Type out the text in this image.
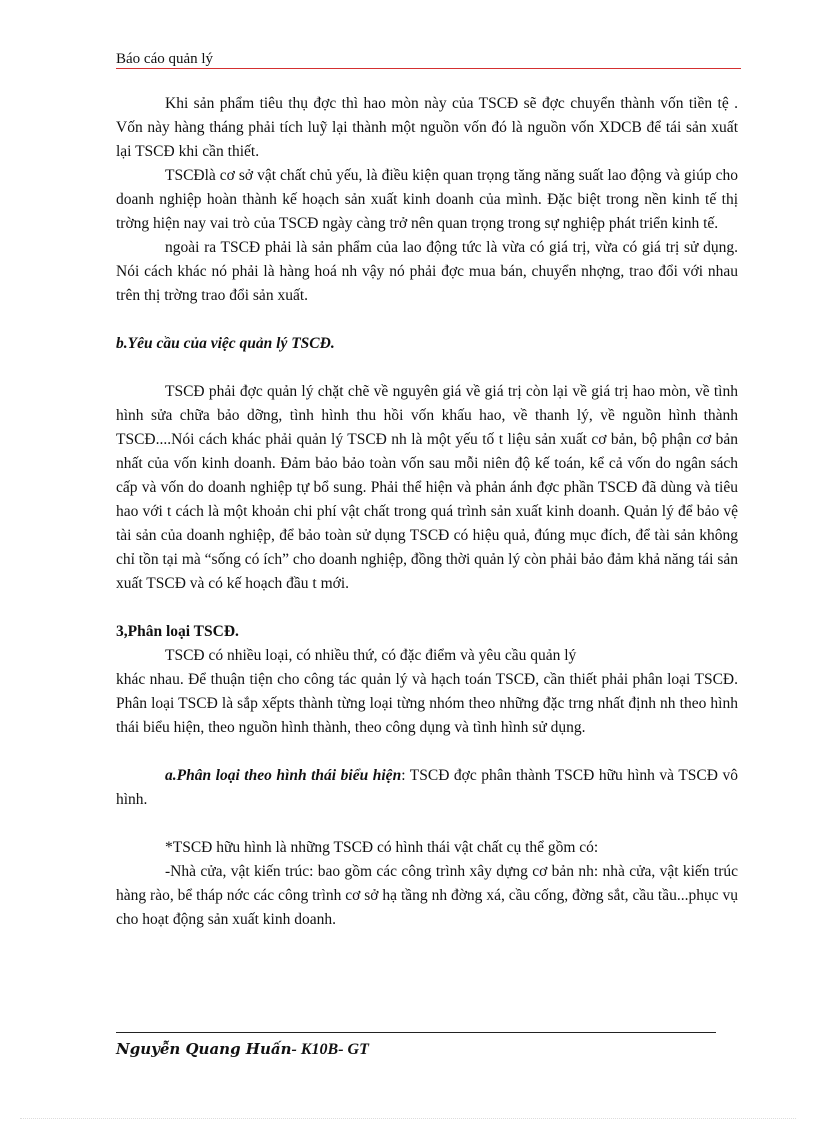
Báo cáo quản lý

Khi sản phẩm tiêu thụ đợc thì hao mòn này của TSCĐ sẽ đợc chuyển thành vốn tiền tệ . Vốn này hàng tháng phải tích luỹ lại thành một nguồn vốn đó là nguồn vốn XDCB để tái sản xuất lại TSCĐ khi cần thiết.

TSCĐlà cơ sở vật chất chủ yếu, là điều kiện quan trọng tăng năng suất lao động và giúp cho doanh nghiệp hoàn thành kế hoạch sản xuất kinh doanh của mình. Đặc biệt trong nền kinh tế thị trờng hiện nay vai trò của TSCĐ ngày càng trở nên quan trọng trong sự nghiệp phát triển kinh tế.

ngoài ra TSCĐ phải là sản phẩm của lao động tức là vừa có giá trị, vừa có giá trị sử dụng. Nói cách khác nó phải là hàng hoá nh vậy nó phải đợc mua bán, chuyển nhợng, trao đổi với nhau trên thị trờng trao đổi sản xuất.

b.Yêu cầu của việc quản lý TSCĐ.

TSCĐ phải đợc quản lý chặt chẽ về nguyên giá về giá trị còn lại về giá trị hao mòn, về tình hình sửa chữa bảo dỡng, tình hình thu hồi vốn khấu hao, về thanh lý, về nguồn hình thành TSCĐ....Nói cách khác phải quản lý TSCĐ nh là một yếu tố t liệu sản xuất cơ bản, bộ phận cơ bản nhất của vốn kinh doanh. Đảm bảo bảo toàn vốn sau mỗi niên độ kế toán, kể cả vốn do ngân sách cấp và vốn do doanh nghiệp tự bổ sung. Phải thể hiện và phản ánh đợc phần TSCĐ đã dùng và tiêu hao với t cách là một khoản chi phí vật chất trong quá trình sản xuất kinh doanh. Quản lý để bảo vệ tài sản của doanh nghiệp, để bảo toàn sử dụng TSCĐ có hiệu quả, đúng mục đích, để tài sản không chỉ tồn tại mà “sống có ích” cho doanh nghiệp, đồng thời quản lý còn phải bảo đảm khả năng tái sản xuất TSCĐ và có kế hoạch đầu t mới.

3,Phân loại TSCĐ.

TSCĐ có nhiều loại, có nhiều thứ, có đặc điểm và yêu cầu quản lý

khác nhau. Để thuận tiện cho công tác quản lý và hạch toán TSCĐ, cần thiết phải phân loại TSCĐ. Phân loại TSCĐ là sắp xếpts thành từng loại từng nhóm theo những đặc trng nhất định nh theo hình thái biểu hiện, theo nguồn hình thành, theo công dụng và tình hình sử dụng.

a.Phân loại theo hình thái biểu hiện: TSCĐ đợc phân thành TSCĐ hữu hình và TSCĐ vô hình.

*TSCĐ hữu hình là những TSCĐ có hình thái vật chất cụ thể gồm có:

-Nhà cửa, vật kiến trúc: bao gồm các công trình xây dựng cơ bản nh: nhà cửa, vật kiến trúc hàng rào, bể tháp nớc các công trình cơ sở hạ tầng nh đờng xá, cầu cống, đờng sắt, cầu tầu...phục vụ cho hoạt động sản xuất kinh doanh.

Nguyễn Quang Huấn- K10B- GT
